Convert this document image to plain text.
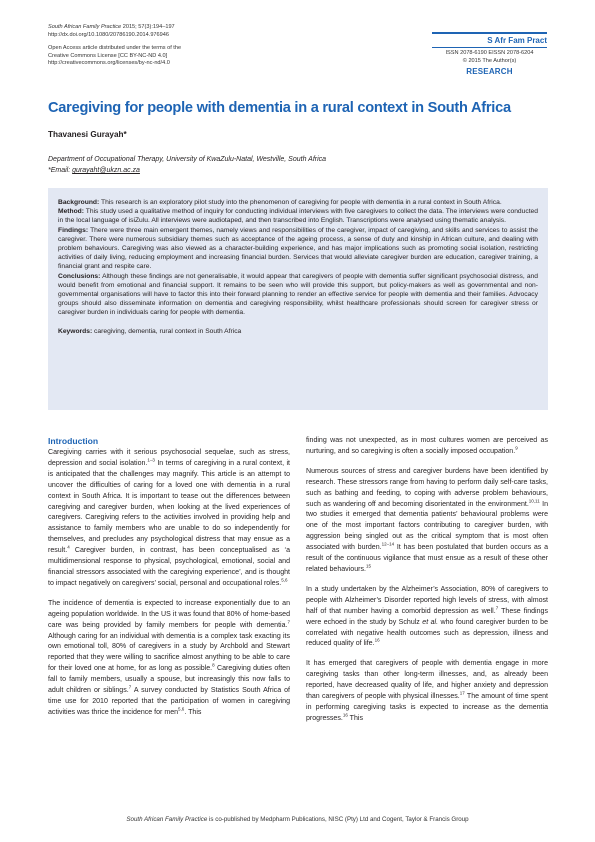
South African Family Practice 2015; 57(3):194–197
http://dx.doi.org/10.1080/20786190.2014.976946
Open Access article distributed under the terms of the
Creative Commons License [CC BY-NC-ND 4.0]
http://creativecommons.org/licenses/by-nc-nd/4.0
S Afr Fam Pract
ISSN 2078-6190 EISSN 2078-6204
© 2015 The Author(s)
RESEARCH
Caregiving for people with dementia in a rural context in South Africa
Thavanesi Gurayah*
Department of Occupational Therapy, University of KwaZulu-Natal, Westville, South Africa
*Email: gurayaht@ukzn.ac.za

Background: This research is an exploratory pilot study into the phenomenon of caregiving for people with dementia in a rural context in South Africa.

Method: This study used a qualitative method of inquiry for conducting individual interviews with five caregivers to collect the data. The interviews were conducted in the local language of isiZulu. All interviews were audiotaped, and then transcribed into English. Transcriptions were analysed using thematic analysis.

Findings: There were three main emergent themes, namely views and responsibilities of the caregiver, impact of caregiving, and skills and services to assist the caregiver. There were numerous subsidiary themes such as acceptance of the ageing process, a sense of duty and kinship in African culture, and dealing with problem behaviours. Caregiving was also viewed as a character-building experience, and has major implications such as promoting social isolation, restricting activities of daily living, reducing employment and increasing financial burden. Services that would alleviate caregiver burden are education, caregiver training, a financial grant and respite care.

Conclusions: Although these findings are not generalisable, it would appear that caregivers of people with dementia suffer significant psychosocial distress, and would benefit from emotional and financial support. It remains to be seen who will provide this support, but policy-makers as well as governmental and non-governmental organisations will have to factor this into their forward planning to render an effective service for people with dementia and their families. Advocacy groups should also disseminate information on dementia and caregiving responsibility, whilst healthcare professionals should screen for caregiver stress or caregiver burden in individuals caring for people with dementia.

Keywords: caregiving, dementia, rural context in South Africa

Introduction

Caregiving carries with it serious psychosocial sequelae, such as stress, depression and social isolation.$^{1-3}$ In terms of caregiving in a rural context, it is anticipated that the challenges may magnify. This article is an attempt to uncover the difficulties of caring for a loved one with dementia in a rural context in South Africa. It is important to tease out the differences between caregiving and caregiver burden, when looking at the lived experiences of caregivers. Caregiving refers to the activities involved in providing help and assistance to family members who are unable to do so independently for themselves, and precludes any psychological distress that may ensue as a result.$^4$ Caregiver burden, in contrast, has been conceptualised as ‘a multidimensional response to physical, psychological, emotional, social and financial stressors associated with the caregiving experience’, and is thought to impact negatively on caregivers’ social, personal and occupational roles.$^{5,6}$

The incidence of dementia is expected to increase exponentially due to an ageing population worldwide. In the US it was found that 80% of home-based care was being provided by family members for people with dementia.$^7$ Although caring for an individual with dementia is a complex task exacting its own emotional toll, 80% of caregivers in a study by Archbold and Stewart reported that they were willing to sacrifice almost anything to be able to care for their loved one at home, for as long as possible.$^8$ Caregiving duties often fall to family members, usually a spouse, but increasingly this now falls to adult children or siblings.$^7$ A survey conducted by Statistics South Africa of time use for 2010 reported that the participation of women in caregiving activities was thrice the incidence for men$^{5,6}$. This

finding was not unexpected, as in most cultures women are perceived as nurturing, and so caregiving is often a socially imposed occupation.$^9$

Numerous sources of stress and caregiver burdens have been identified by research. These stressors range from having to perform daily self-care tasks, such as bathing and feeding, to coping with adverse problem behaviours, such as wandering off and becoming disorientated in the environment.$^{10,11}$ In two studies it emerged that dementia patients’ behavioural problems were one of the most important factors contributing to caregiver burden, with aggression being singled out as the critical symptom that is most often associated with burden.$^{12-14}$ It has been postulated that burden occurs as a result of the continuous vigilance that must ensue as a result of these other related behaviours.$^{15}$

In a study undertaken by the Alzheimer’s Association, 80% of caregivers to people with Alzheimer’s Disorder reported high levels of stress, with almost half of that number having a comorbid depression as well.$^7$ These findings were echoed in the study by Schulz et al. who found caregiver burden to be correlated with negative health outcomes such as depression, illness and reduced quality of life.$^{16}$

It has emerged that caregivers of people with dementia engage in more caregiving tasks than other long-term illnesses, and, as already been reported, have decreased quality of life, and higher anxiety and depression than caregivers of people with physical illnesses.$^{17}$ The amount of time spent in performing caregiving tasks is expected to increase as the dementia progresses.$^{16}$ This

South African Family Practice is co-published by Medpharm Publications, NISC (Pty) Ltd and Cogent, Taylor & Francis Group
